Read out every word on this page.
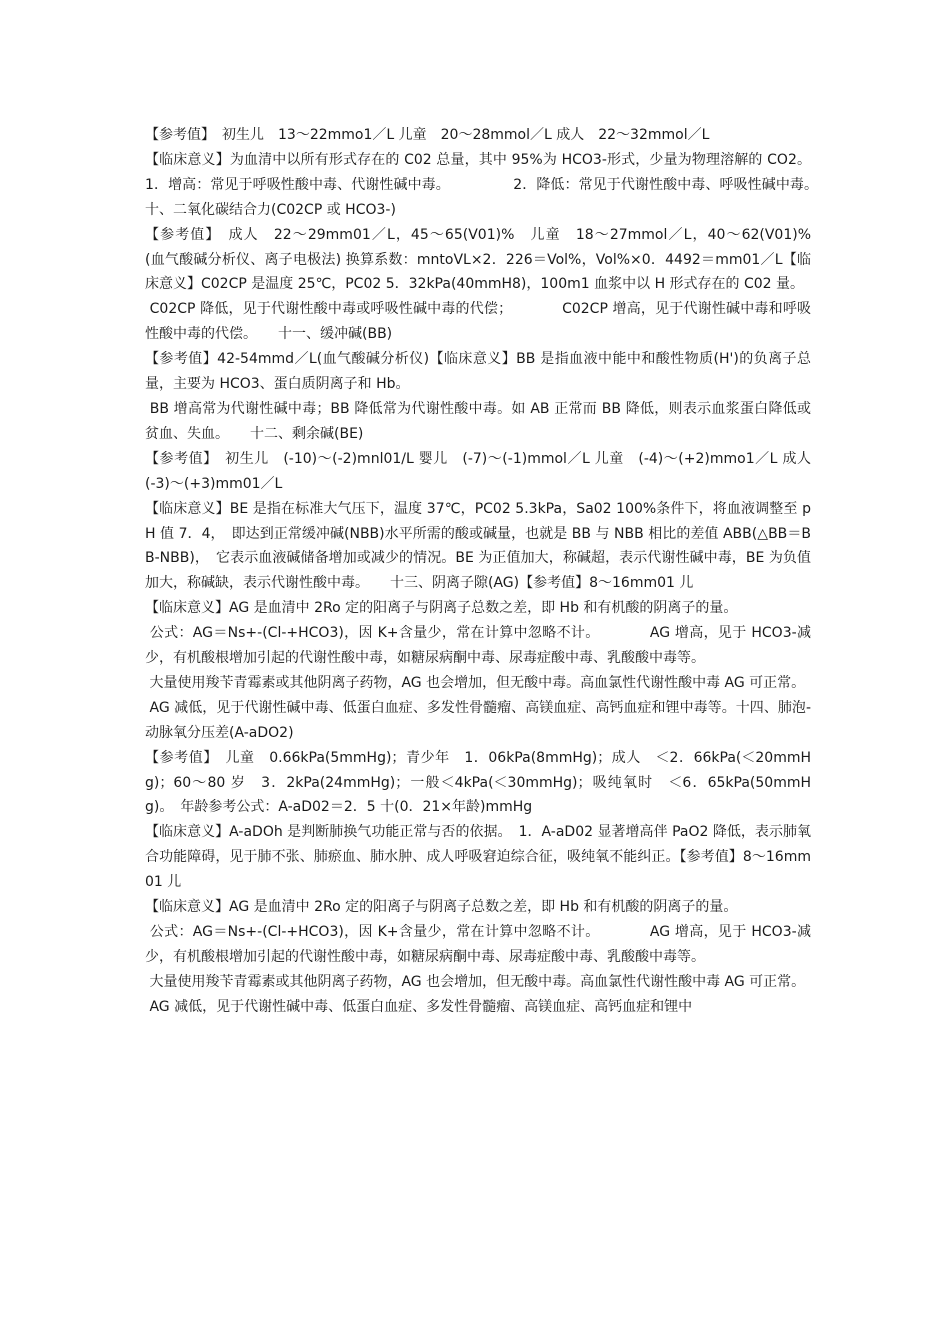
【参考值】　初生儿　13～22mmo1／L 儿童　20～28mmol／L 成人　22～32mmol／L

【临床意义】为血清中以所有形式存在的 C02 总量，其中 95%为 HCO3-形式，少量为物理溶解的 CO2。1．增高：常见于呼吸性酸中毒、代谢性碱中毒。　　　　　2．降低：常见于代谢性酸中毒、呼吸性碱中毒。　　　十、二氧化碳结合力(C02CP 或 HCO3-)

【参考值】　成人　22～29mm01／L，45～65(V01)%　儿童　18～27mmol／L，40～62(V01)%　(血气酸碱分析仪、离子电极法) 换算系数：mntoVL×2．226＝Vol%，Vol%×0．4492＝mm01／L【临床意义】C02CP 是温度 25℃，PC02 5．32kPa(40mmH8)，100m1 血浆中以 H 形式存在的 C02 量。

C02CP 降低，见于代谢性酸中毒或呼吸性碱中毒的代偿；　　　　C02CP 增高，见于代谢性碱中毒和呼吸性酸中毒的代偿。　　十一、缓冲碱(BB)

【参考值】42-54mmd／L(血气酸碱分析仪)【临床意义】BB 是指血液中能中和酸性物质(H')的负离子总量，主要为 HCO3、蛋白质阴离子和 Hb。

BB 增高常为代谢性碱中毒；BB 降低常为代谢性酸中毒。如 AB 正常而 BB 降低，则表示血浆蛋白降低或贫血、失血。　　十二、剩余碱(BE)

【参考值】　初生儿　(-10)～(-2)mnl01/L 婴儿　(-7)～(-1)mmol／L 儿童　(-4)～(+2)mmo1／L 成人　(-3)～(+3)mm01／L

【临床意义】BE 是指在标准大气压下，温度 37℃，PC02 5.3kPa，Sa02 100%条件下，将血液调整至 pH 值 7．4，　即达到正常缓冲碱(NBB)水平所需的酸或碱量，也就是 BB 与 NBB 相比的差值 ABB(△BB＝BB-NBB)，　它表示血液碱储备增加或减少的情况。BE 为正值加大，称碱超，表示代谢性碱中毒，BE 为负值加大，称碱缺，表示代谢性酸中毒。　　十三、阴离子隙(AG)【参考值】8～16mm01 儿

【临床意义】AG 是血清中 2Ro 定的阳离子与阴离子总数之差，即 Hb 和有机酸的阴离子的量。

公式：AG＝Ns+-(Cl-+HCO3)，因 K+含量少，常在计算中忽略不计。　　　　AG 增高，见于 HCO3-减少，有机酸根增加引起的代谢性酸中毒，如糖尿病酮中毒、尿毒症酸中毒、乳酸酸中毒等。

大量使用羧苄青霉素或其他阴离子药物，AG 也会增加，但无酸中毒。高血氯性代谢性酸中毒 AG 可正常。

AG 减低，见于代谢性碱中毒、低蛋白血症、多发性骨髓瘤、高镁血症、高钙血症和锂中毒等。十四、肺泡-动脉氧分压差(A-aDO2)

【参考值】　儿童　0.66kPa(5mmHg)；青少年　1．06kPa(8mmHg)；成人　＜2．66kPa(＜20mmHg)；60～80 岁　3．2kPa(24mmHg)；一般＜4kPa(＜30mmHg)；吸纯氧时　＜6．65kPa(50mmHg)。　年龄参考公式：A-aD02＝2．5 十(0．21×年龄)mmHg

【临床意义】A-aDOh 是判断肺换气功能正常与否的依据。　1．A-aD02 显著增高伴 PaO2 降低，表示肺氧合功能障碍，见于肺不张、肺瘀血、肺水肿、成人呼吸窘迫综合征，吸纯氧不能纠正。【参考值】8～16mm01 儿

【临床意义】AG 是血清中 2Ro 定的阳离子与阴离子总数之差，即 Hb 和有机酸的阴离子的量。

公式：AG＝Ns+-(Cl-+HCO3)，因 K+含量少，常在计算中忽略不计。　　　　AG 增高，见于 HCO3-减少，有机酸根增加引起的代谢性酸中毒，如糖尿病酮中毒、尿毒症酸中毒、乳酸酸中毒等。

大量使用羧苄青霉素或其他阴离子药物，AG 也会增加，但无酸中毒。高血氯性代谢性酸中毒 AG 可正常。

AG 减低，见于代谢性碱中毒、低蛋白血症、多发性骨髓瘤、高镁血症、高钙血症和锂中
